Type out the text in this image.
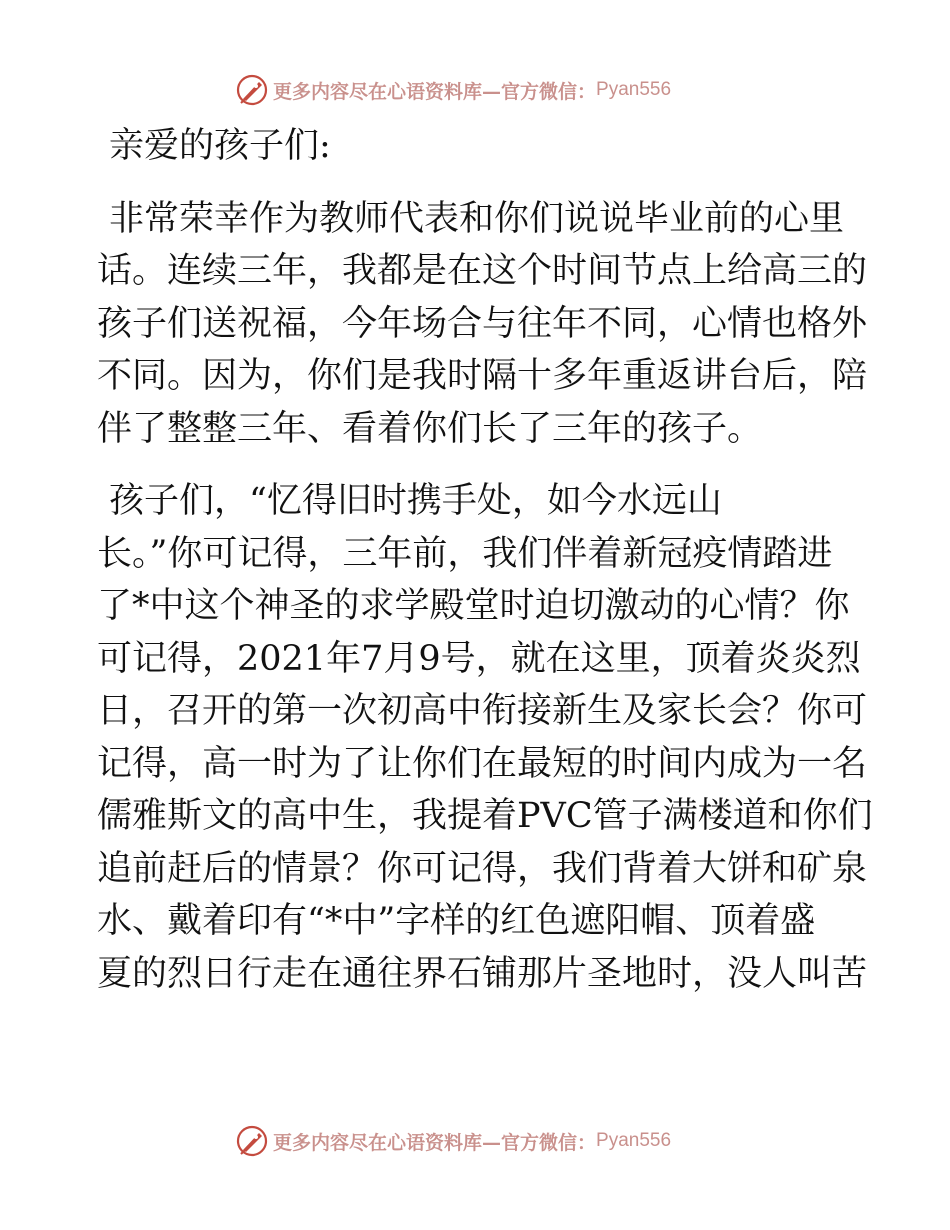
更多内容尽在心语资料库—官方微信： Pyan556
亲爱的孩子们:
非常荣幸作为教师代表和你们说说毕业前的心里
话。连续三年，我都是在这个时间节点上给高三的
孩子们送祝福，今年场合与往年不同，心情也格外
不同。因为，你们是我时隔十多年重返讲台后，陪
伴了整整三年、看着你们长了三年的孩子。
孩子们，“忆得旧时携手处，如今水远山
长。”你可记得，三年前，我们伴着新冠疫情踏进
了*中这个神圣的求学殿堂时迫切激动的心情？你
可记得，2021年7月9号，就在这里，顶着炎炎烈
日，召开的第一次初高中衔接新生及家长会？你可
记得，高一时为了让你们在最短的时间内成为一名
儒雅斯文的高中生，我提着PVC管子满楼道和你们
追前赶后的情景？你可记得，我们背着大饼和矿泉
水、戴着印有“*中”字样的红色遮阳帽、顶着盛
夏的烈日行走在通往界石铺那片圣地时，没人叫苦
更多内容尽在心语资料库—官方微信： Pyan556
